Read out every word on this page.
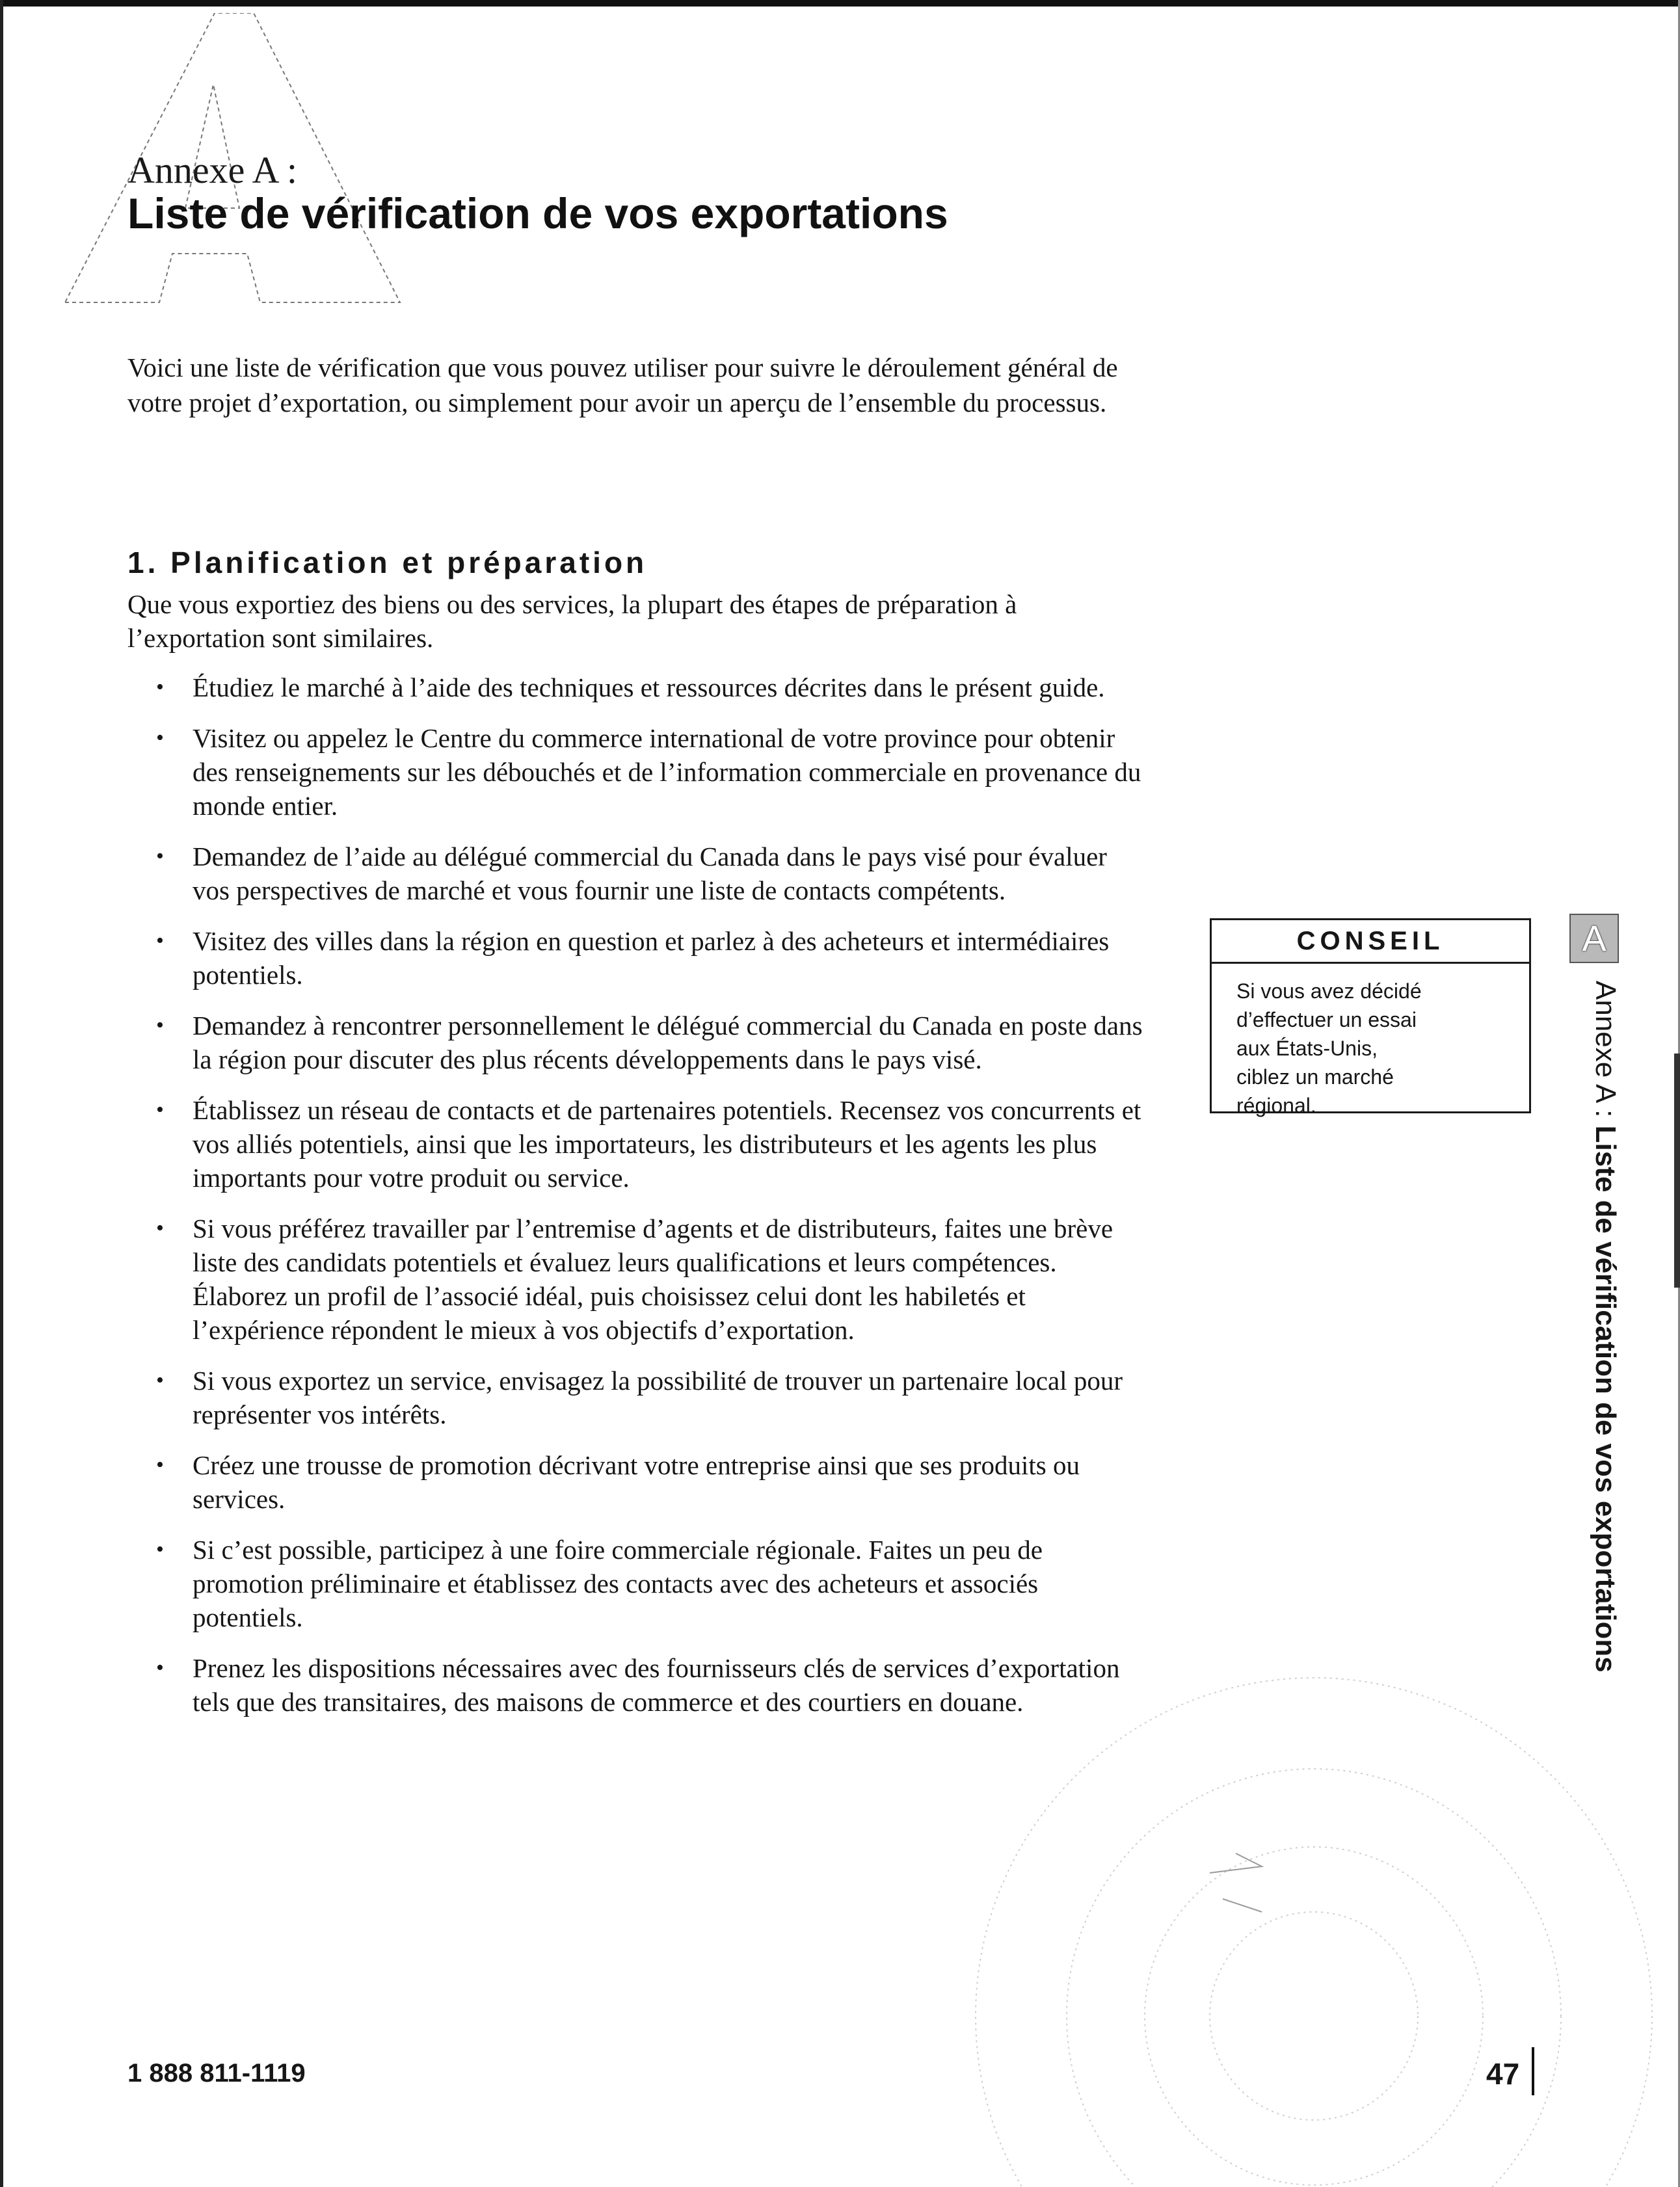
Annexe A :
Liste de vérification de vos exportations
Voici une liste de vérification que vous pouvez utiliser pour suivre le déroulement général de votre projet d’exportation, ou simplement pour avoir un aperçu de l’ensemble du processus.
1. Planification et préparation
Que vous exportiez des biens ou des services, la plupart des étapes de préparation à l’exportation sont similaires.
• Étudiez le marché à l’aide des techniques et ressources décrites dans le présent guide.
• Visitez ou appelez le Centre du commerce international de votre province pour obtenir des renseignements sur les débouchés et de l’information commerciale en provenance du monde entier.
• Demandez de l’aide au délégué commercial du Canada dans le pays visé pour évaluer vos perspectives de marché et vous fournir une liste de contacts compétents.
• Visitez des villes dans la région en question et parlez à des acheteurs et intermédiaires potentiels.
• Demandez à rencontrer personnellement le délégué commercial du Canada en poste dans la région pour discuter des plus récents développements dans le pays visé.
• Établissez un réseau de contacts et de partenaires potentiels. Recensez vos concurrents et vos alliés potentiels, ainsi que les importateurs, les distributeurs et les agents les plus importants pour votre produit ou service.
• Si vous préférez travailler par l’entremise d’agents et de distributeurs, faites une brève liste des candidats potentiels et évaluez leurs qualifications et leurs compétences. Élaborez un profil de l’associé idéal, puis choisissez celui dont les habiletés et l’expérience répondent le mieux à vos objectifs d’exportation.
• Si vous exportez un service, envisagez la possibilité de trouver un partenaire local pour représenter vos intérêts.
• Créez une trousse de promotion décrivant votre entreprise ainsi que ses produits ou services.
• Si c’est possible, participez à une foire commerciale régionale. Faites un peu de promotion préliminaire et établissez des contacts avec des acheteurs et associés potentiels.
• Prenez les dispositions nécessaires avec des fournisseurs clés de services d’exportation tels que des transitaires, des maisons de commerce et des courtiers en douane.
CONSEIL
Si vous avez décidé d’effectuer un essai aux États-Unis, ciblez un marché régional.
A
Annexe A : Liste de vérification de vos exportations
1 888 811-1119	47
